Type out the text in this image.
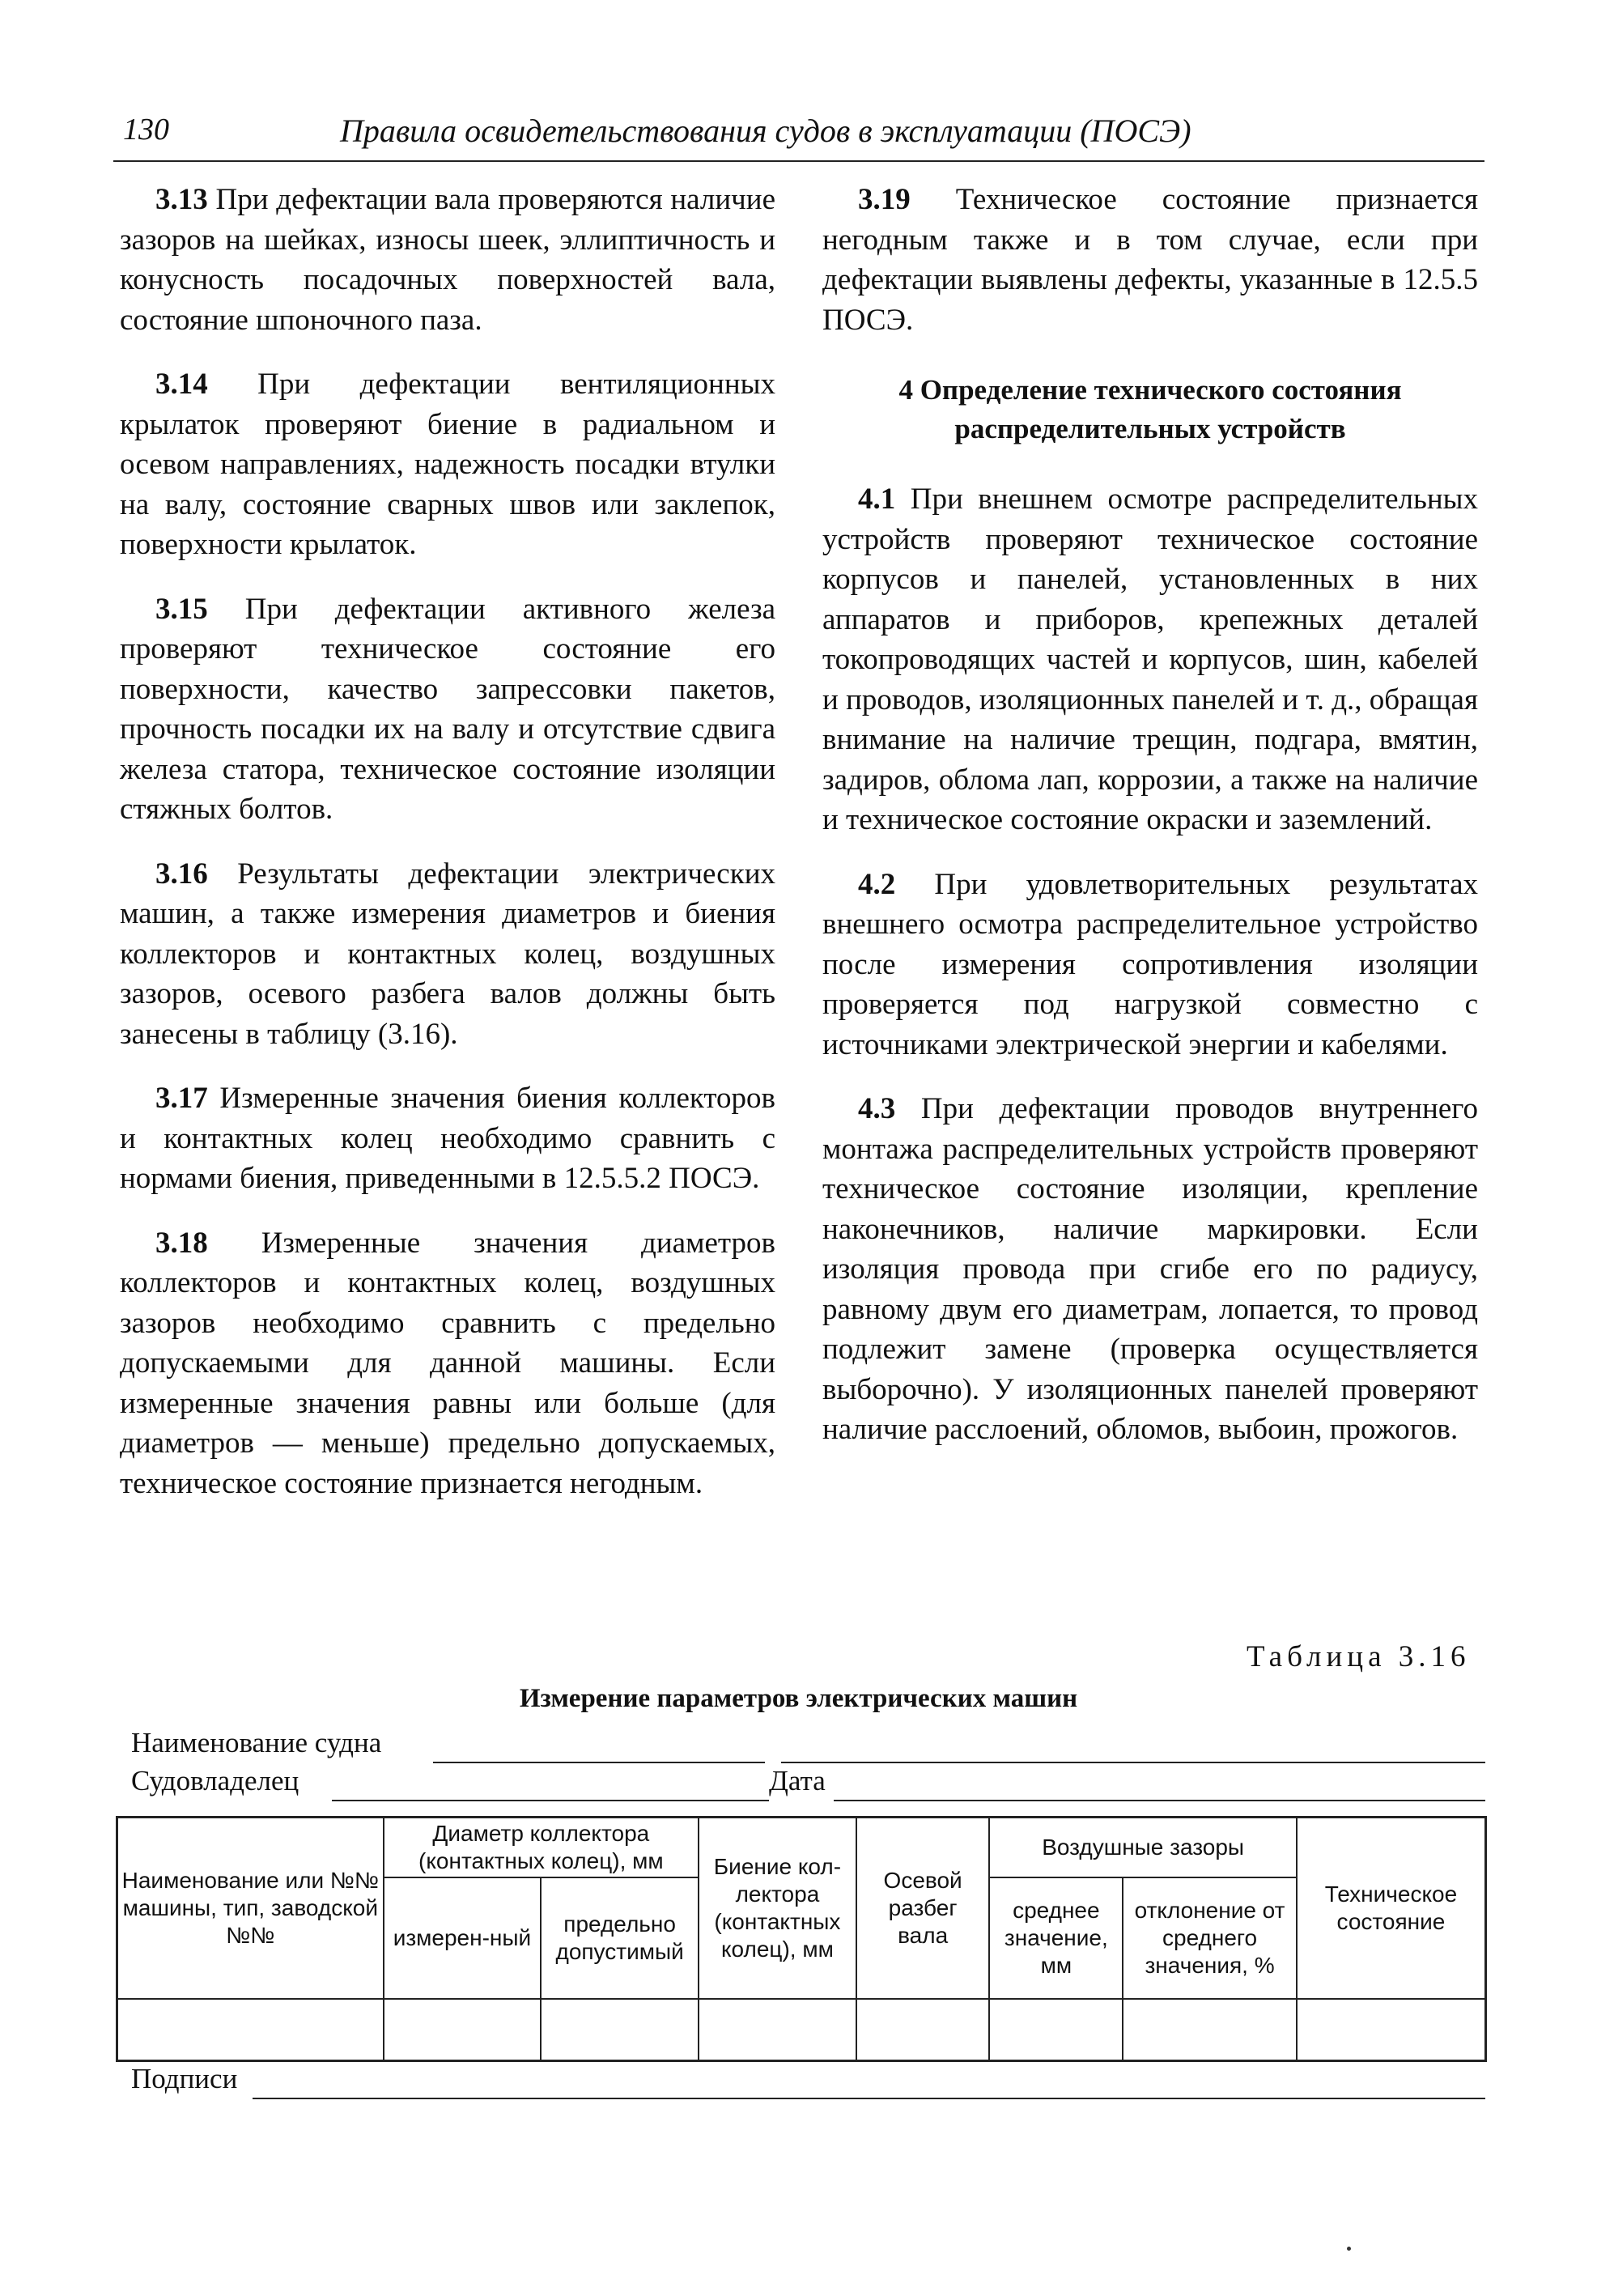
130	Правила освидетельствования судов в эксплуатации (ПОСЭ)

3.13 При дефектации вала проверяются наличие зазоров на шейках, износы шеек, эллиптичность и конусность посадочных поверхностей вала, состояние шпоночного паза.

3.14 При дефектации вентиляционных крылаток проверяют биение в радиальном и осевом направлениях, надежность посадки втулки на валу, состояние сварных швов или заклепок, поверхности крылаток.

3.15 При дефектации активного железа проверяют техническое состояние его поверхности, качество запрессовки пакетов, прочность посадки их на валу и отсутствие сдвига железа статора, техническое состояние изоляции стяжных болтов.

3.16 Результаты дефектации электрических машин, а также измерения диаметров и биения коллекторов и контактных колец, воздушных зазоров, осевого разбега валов должны быть занесены в таблицу (3.16).

3.17 Измеренные значения биения коллекторов и контактных колец необходимо сравнить с нормами биения, приведенными в 12.5.5.2 ПОСЭ.

3.18 Измеренные значения диаметров коллекторов и контактных колец, воздушных зазоров необходимо сравнить с предельно допускаемыми для данной машины. Если измеренные значения равны или больше (для диаметров — меньше) предельно допускаемых, техническое состояние признается негодным.

3.19 Техническое состояние признается негодным также и в том случае, если при дефектации выявлены дефекты, указанные в 12.5.5 ПОСЭ.

4 Определение технического состояния
распределительных устройств

4.1 При внешнем осмотре распределительных устройств проверяют техническое состояние корпусов и панелей, установленных в них аппаратов и приборов, крепежных деталей токопроводящих частей и корпусов, шин, кабелей и проводов, изоляционных панелей и т. д., обращая внимание на наличие трещин, подгара, вмятин, задиров, облома лап, коррозии, а также на наличие и техническое состояние окраски и заземлений.

4.2 При удовлетворительных результатах внешнего осмотра распределительное устройство после измерения сопротивления изоляции проверяется под нагрузкой совместно с источниками электрической энергии и кабелями.

4.3 При дефектации проводов внутреннего монтажа распределительных устройств проверяют техническое состояние изоляции, крепление наконечников, наличие маркировки. Если изоляция провода при сгибе его по радиусу, равному двум его диаметрам, лопается, то провод подлежит замене (проверка осуществляется выборочно). У изоляционных панелей проверяют наличие расслоений, обломов, выбоин, прожогов.

Таблица 3.16
Измерение параметров электрических машин
Наименование судна
Судовладелец	Дата
Наименование или №№ машины, тип, заводской №№	Диаметр коллектора (контактных колец), мм		Биение кол-лектора (контактных колец), мм	Осевой разбег вала	Воздушные зазоры		Техническое состояние
	измерен-ный	предельно допустимый			среднее значение, мм	отклонение от среднего значения, %	

Подписи
